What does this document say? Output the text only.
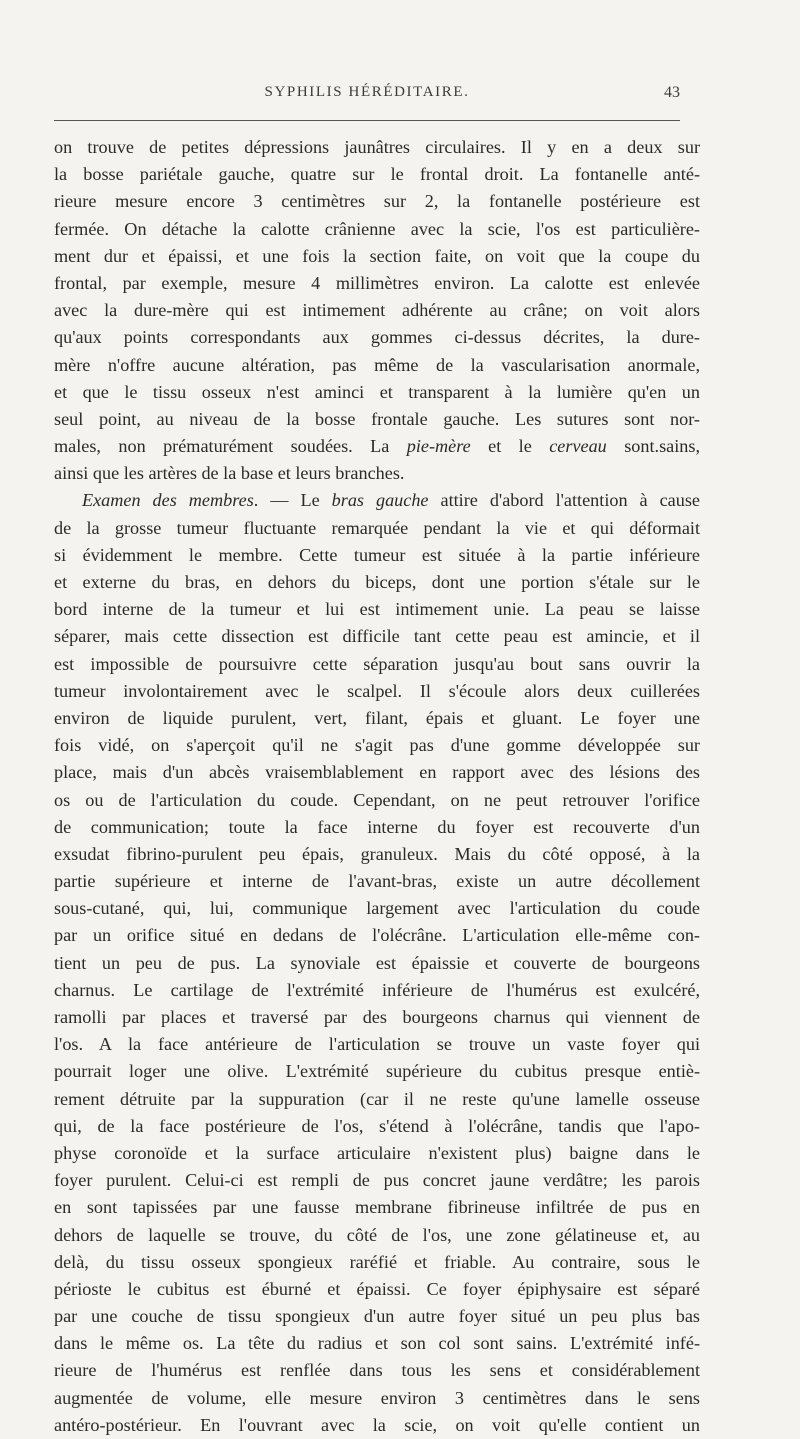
SYPHILIS HÉRÉDITAIRE.	43
on trouve de petites dépressions jaunâtres circulaires. Il y en a deux sur
la bosse pariétale gauche, quatre sur le frontal droit. La fontanelle anté-
rieure mesure encore 3 centimètres sur 2, la fontanelle postérieure est
fermée. On détache la calotte crânienne avec la scie, l'os est particulière-
ment dur et épaissi, et une fois la section faite, on voit que la coupe du
frontal, par exemple, mesure 4 millimètres environ. La calotte est enlevée
avec la dure-mère qui est intimement adhérente au crâne; on voit alors
qu'aux points correspondants aux gommes ci-dessus décrites, la dure-
mère n'offre aucune altération, pas même de la vascularisation anormale,
et que le tissu osseux n'est aminci et transparent à la lumière qu'en un
seul point, au niveau de la bosse frontale gauche. Les sutures sont nor-
males, non prématurément soudées. La pie-mère et le cerveau sont.sains,
ainsi que les artères de la base et leurs branches.
Examen des membres. — Le bras gauche attire d'abord l'attention à cause
de la grosse tumeur fluctuante remarquée pendant la vie et qui déformait
si évidemment le membre. Cette tumeur est située à la partie inférieure
et externe du bras, en dehors du biceps, dont une portion s'étale sur le
bord interne de la tumeur et lui est intimement unie. La peau se laisse
séparer, mais cette dissection est difficile tant cette peau est amincie, et il
est impossible de poursuivre cette séparation jusqu'au bout sans ouvrir la
tumeur involontairement avec le scalpel. Il s'écoule alors deux cuillerées
environ de liquide purulent, vert, filant, épais et gluant. Le foyer une
fois vidé, on s'aperçoit qu'il ne s'agit pas d'une gomme développée sur
place, mais d'un abcès vraisemblablement en rapport avec des lésions des
os ou de l'articulation du coude. Cependant, on ne peut retrouver l'orifice
de communication; toute la face interne du foyer est recouverte d'un
exsudat fibrino-purulent peu épais, granuleux. Mais du côté opposé, à la
partie supérieure et interne de l'avant-bras, existe un autre décollement
sous-cutané, qui, lui, communique largement avec l'articulation du coude
par un orifice situé en dedans de l'olécrâne. L'articulation elle-même con-
tient un peu de pus. La synoviale est épaissie et couverte de bourgeons
charnus. Le cartilage de l'extrémité inférieure de l'humérus est exulcéré,
ramolli par places et traversé par des bourgeons charnus qui viennent de
l'os. A la face antérieure de l'articulation se trouve un vaste foyer qui
pourrait loger une olive. L'extrémité supérieure du cubitus presque entiè-
rement détruite par la suppuration (car il ne reste qu'une lamelle osseuse
qui, de la face postérieure de l'os, s'étend à l'olécrâne, tandis que l'apo-
physe coronoïde et la surface articulaire n'existent plus) baigne dans le
foyer purulent. Celui-ci est rempli de pus concret jaune verdâtre; les parois
en sont tapissées par une fausse membrane fibrineuse infiltrée de pus en
dehors de laquelle se trouve, du côté de l'os, une zone gélatineuse et, au
delà, du tissu osseux spongieux raréfié et friable. Au contraire, sous le
périoste le cubitus est éburné et épaissi. Ce foyer épiphysaire est séparé
par une couche de tissu spongieux d'un autre foyer situé un peu plus bas
dans le même os. La tête du radius et son col sont sains. L'extrémité infé-
rieure de l'humérus est renflée dans tous les sens et considérablement
augmentée de volume, elle mesure environ 3 centimètres dans le sens
antéro-postérieur. En l'ouvrant avec la scie, on voit qu'elle contient un
